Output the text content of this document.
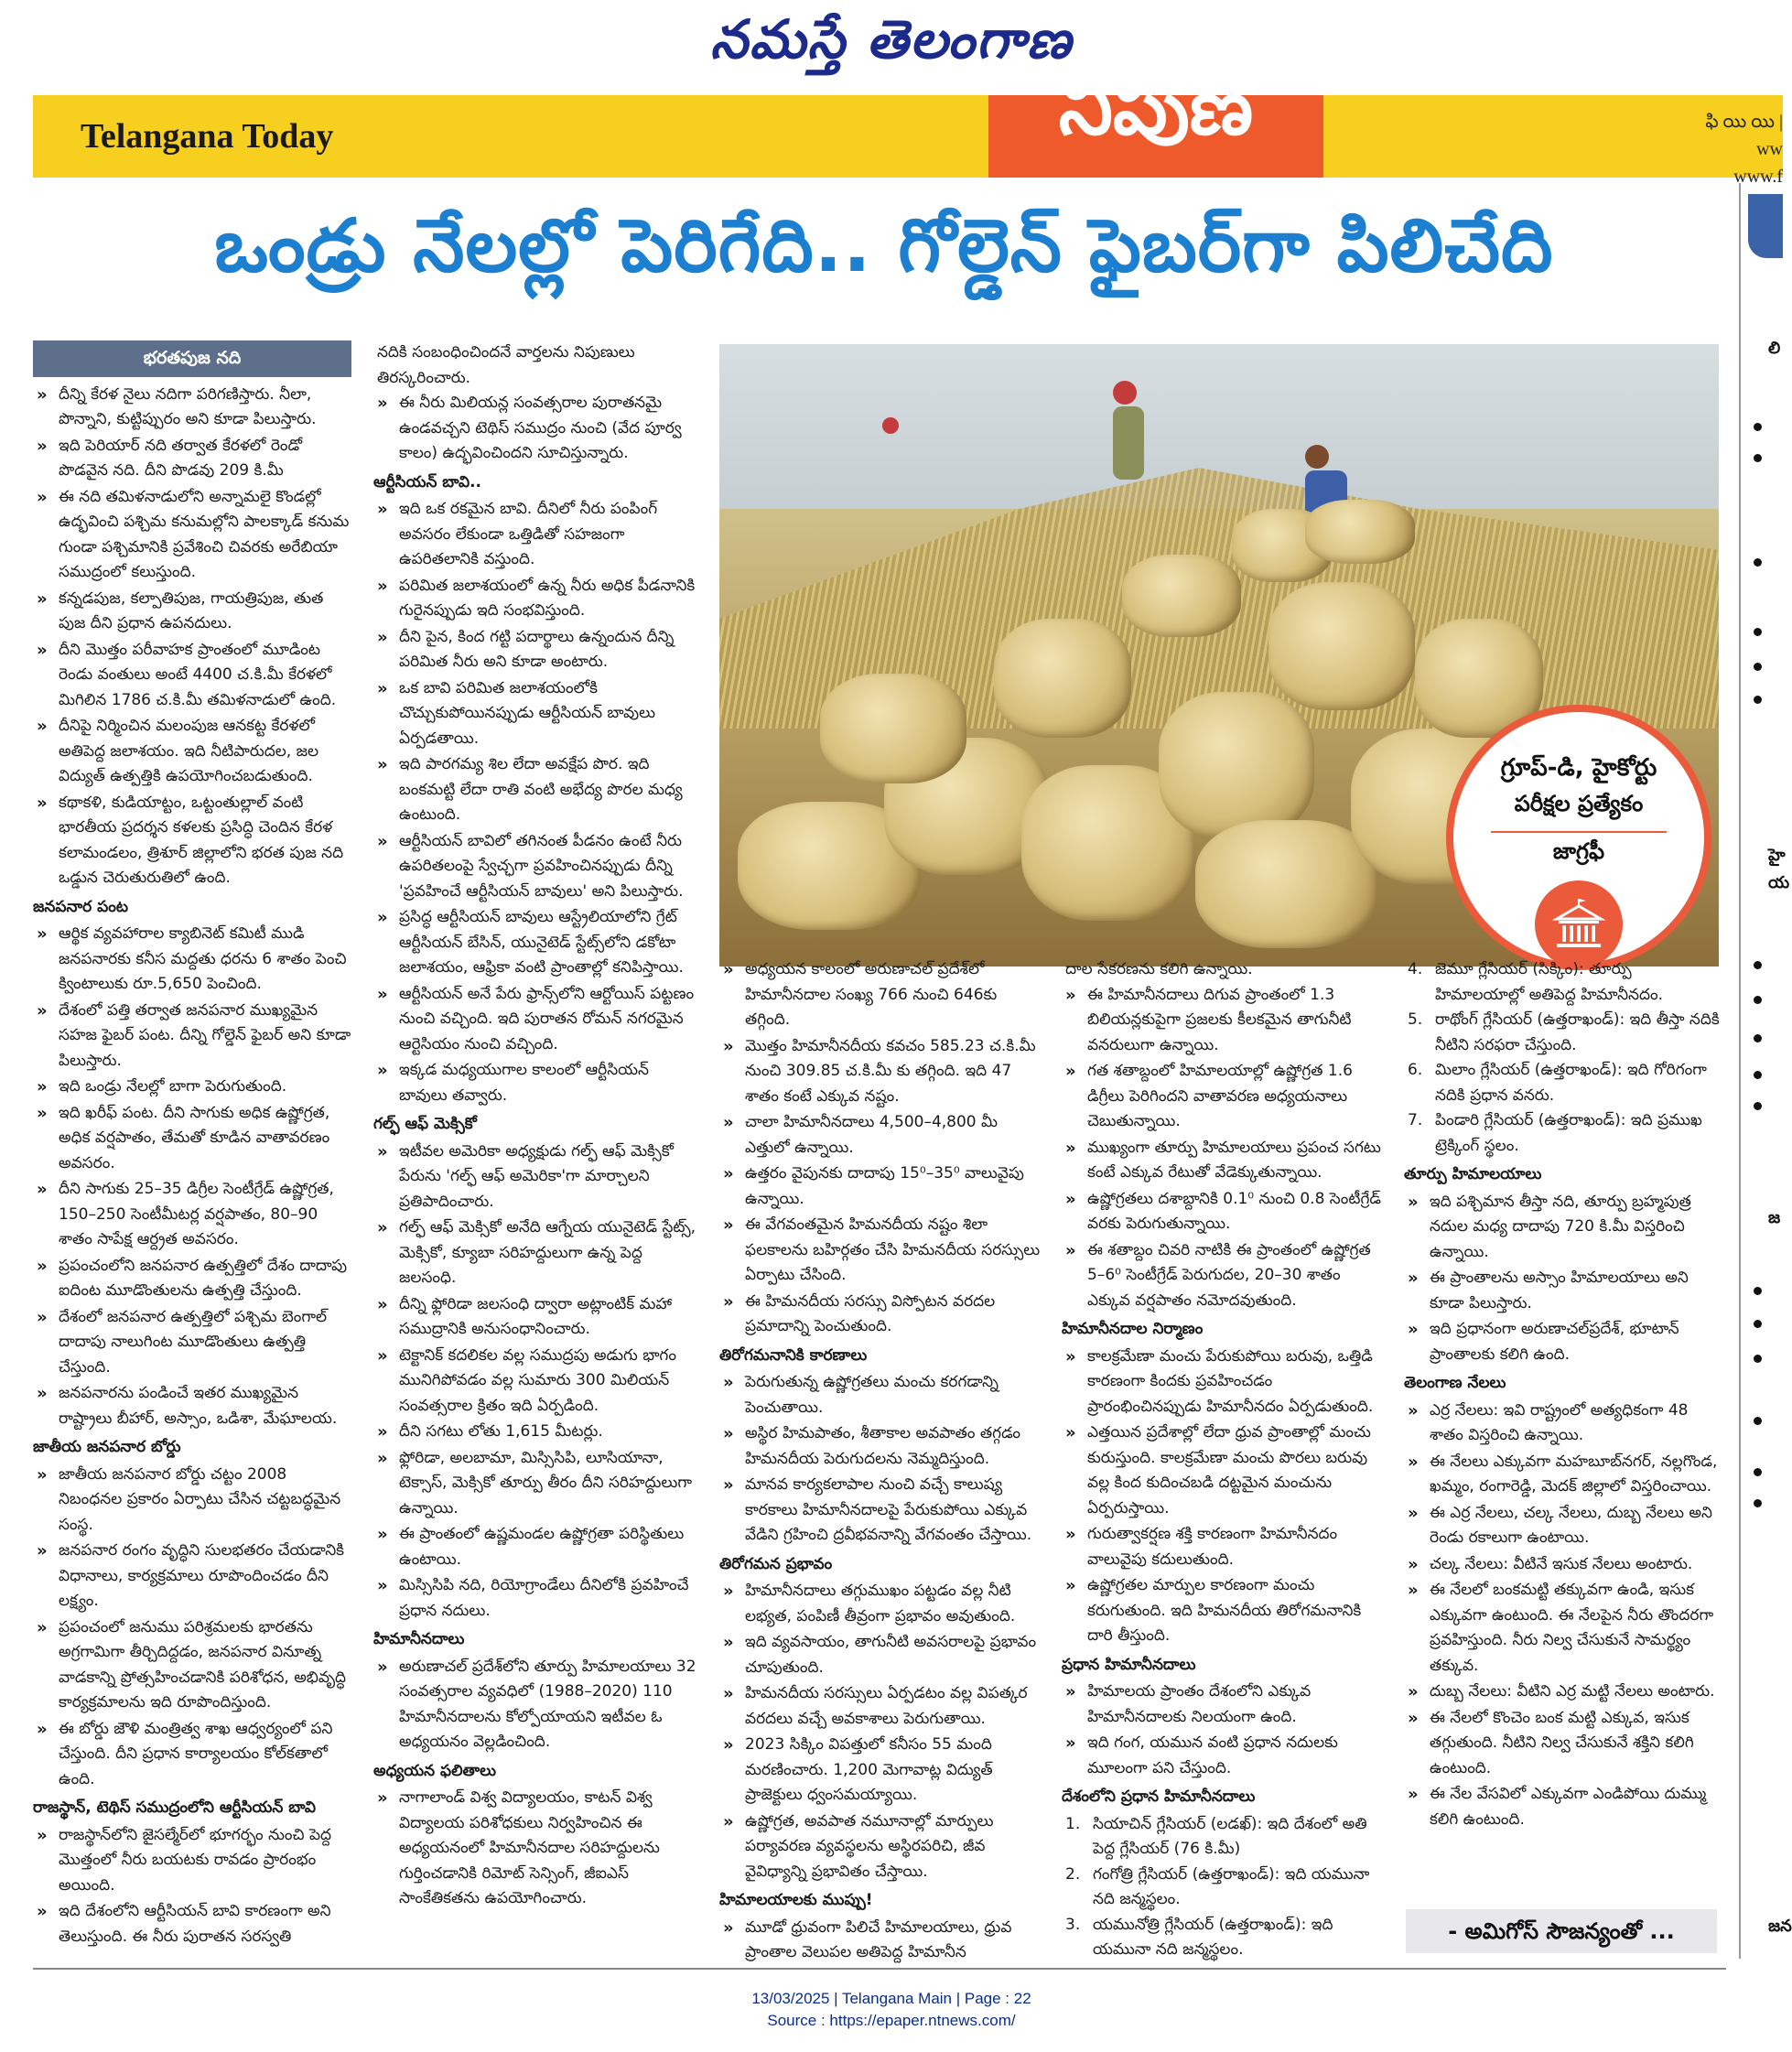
నమస్తే తెలంగాణ
Telangana Today	నిపుణ	ఫి యి యి |
ww
www.f
ఒండ్రు నేలల్లో పెరిగేది.. గోల్డెన్ ఫైబర్‌గా పిలిచేది
భరతపుజ నది
» దీన్ని కేరళ నైలు నదిగా పరిగణిస్తారు. నీలా, పొన్నాని, కుట్టిప్పురం అని కూడా పిలుస్తారు.
» ఇది పెరియార్ నది తర్వాత కేరళలో రెండో పొడవైన నది. దీని పొడవు 209 కి.మీ
» ఈ నది తమిళనాడులోని అన్నామలై కొండల్లో ఉద్భవించి పశ్చిమ కనుమల్లోని పాలక్కాడ్ కనుమ గుండా పశ్చిమానికి ప్రవేశించి చివరకు అరేబియా సముద్రంలో కలుస్తుంది.
» కన్నడపుజ, కల్పాతిపుజ, గాయత్రిపుజ, తుత పుజ దీని ప్రధాన ఉపనదులు.
» దీని మొత్తం పరీవాహక ప్రాంతంలో మూడింట రెండు వంతులు అంటే 4400 చ.కి.మీ కేరళలో మిగిలిన 1786 చ.కి.మీ తమిళనాడులో ఉంది.
» దీనిపై నిర్మించిన మలంపుజ ఆనకట్ట కేరళలో అతిపెద్ద జలాశయం. ఇది నీటిపారుదల, జల విద్యుత్ ఉత్పత్తికి ఉపయోగించబడుతుంది.
» కథాకళి, కుడియాట్టం, ఒట్టంతుల్లాల్ వంటి భారతీయ ప్రదర్శన కళలకు ప్రసిద్ధి చెందిన కేరళ కలామండలం, త్రిశూర్ జిల్లాలోని భరత పుజ నది ఒడ్డున చెరుతురుతిలో ఉంది.
జనపనార పంట
» ఆర్థిక వ్యవహారాల క్యాబినెట్ కమిటీ ముడి జనపనారకు కనీస మద్దతు ధరను 6 శాతం పెంచి క్వింటాలుకు రూ.5,650 పెంచింది.
» దేశంలో పత్తి తర్వాత జనపనార ముఖ్యమైన సహజ ఫైబర్ పంట. దీన్ని గోల్డెన్ ఫైబర్ అని కూడా పిలుస్తారు.
» ఇది ఒండ్రు నేలల్లో బాగా పెరుగుతుంది.
» ఇది ఖరీఫ్ పంట. దీని సాగుకు అధిక ఉష్ణోగ్రత, అధిక వర్షపాతం, తేమతో కూడిన వాతావరణం అవసరం.
» దీని సాగుకు 25–35 డిగ్రీల సెంటీగ్రేడ్ ఉష్ణోగ్రత, 150–250 సెంటీమీటర్ల వర్షపాతం, 80–90 శాతం సాపేక్ష ఆర్ద్రత అవసరం.
» ప్రపంచంలోని జనపనార ఉత్పత్తిలో దేశం దాదాపు ఐదింట మూడొంతులను ఉత్పత్తి చేస్తుంది.
» దేశంలో జనపనార ఉత్పత్తిలో పశ్చిమ బెంగాల్ దాదాపు నాలుగింట మూడొంతులు ఉత్పత్తి చేస్తుంది.
» జనపనారను పండించే ఇతర ముఖ్యమైన రాష్ట్రాలు బీహార్, అస్సాం, ఒడిశా, మేఘాలయ.
జాతీయ జనపనార బోర్డు
» జాతీయ జనపనార బోర్డు చట్టం 2008 నిబంధనల ప్రకారం ఏర్పాటు చేసిన చట్టబద్ధమైన సంస్థ.
» జనపనార రంగం వృద్ధిని సులభతరం చేయడానికి విధానాలు, కార్యక్రమాలు రూపొందించడం దీని లక్ష్యం.
» ప్రపంచంలో జనుము పరిశ్రమలకు భారతను అగ్రగామిగా తీర్చిదిద్దడం, జనపనార వినూత్న వాడకాన్ని ప్రోత్సహించడానికి పరిశోధన, అభివృద్ధి కార్యక్రమాలను ఇది రూపొందిస్తుంది.
» ఈ బోర్డు జౌళి మంత్రిత్వ శాఖ ఆధ్వర్యంలో పని చేస్తుంది. దీని ప్రధాన కార్యాలయం కోల్‌కతాలో ఉంది.
రాజస్థాన్, టెథిస్ సముద్రంలోని ఆర్టీసియన్ బావి
» రాజస్థాన్‌లోని జైసల్మేర్‌లో భూగర్భం నుంచి పెద్ద మొత్తంలో నీరు బయటకు రావడం ప్రారంభం అయింది.
» ఇది దేశంలోని ఆర్టీసియన్ బావి కారణంగా అని తెలుస్తుంది. ఈ నీరు పురాతన సరస్వతి
నదికి సంబంధించిందనే వార్తలను నిపుణులు తిరస్కరించారు.
» ఈ నీరు మిలియన్ల సంవత్సరాల పురాతనమై ఉండవచ్చని టెథిస్ సముద్రం నుంచి (వేద పూర్వ కాలం) ఉద్భవించిందని సూచిస్తున్నారు.
ఆర్టీసియన్ బావి..
» ఇది ఒక రకమైన బావి. దీనిలో నీరు పంపింగ్ అవసరం లేకుండా ఒత్తిడితో సహజంగా ఉపరితలానికి వస్తుంది.
» పరిమిత జలాశయంలో ఉన్న నీరు అధిక పీడనానికి గురైనప్పుడు ఇది సంభవిస్తుంది.
» దీని పైన, కింద గట్టి పదార్థాలు ఉన్నందున దీన్ని పరిమిత నీరు అని కూడా అంటారు.
» ఒక బావి పరిమిత జలాశయంలోకి చొచ్చుకుపోయినప్పుడు ఆర్టీసియన్ బావులు ఏర్పడతాయి.
» ఇది పారగమ్య శిల లేదా అవక్షేప పొర. ఇది బంకమట్టి లేదా రాతి వంటి అభేద్య పొరల మధ్య ఉంటుంది.
» ఆర్టీసియన్ బావిలో తగినంత పీడనం ఉంటే నీరు ఉపరితలంపై స్వేచ్ఛగా ప్రవహించినప్పుడు దీన్ని 'ప్రవహించే ఆర్టీసియన్ బావులు' అని పిలుస్తారు.
» ప్రసిద్ధ ఆర్టీసియన్ బావులు ఆస్ట్రేలియాలోని గ్రేట్ ఆర్టీసియన్ బేసిన్, యునైటెడ్ స్టేట్స్‌లోని డకోటా జలాశయం, ఆఫ్రికా వంటి ప్రాంతాల్లో కనిపిస్తాయి.
» ఆర్టీసియన్ అనే పేరు ఫ్రాన్స్‌లోని ఆర్టోయిస్ పట్టణం నుంచి వచ్చింది. ఇది పురాతన రోమన్ నగరమైన ఆర్టెసియం నుంచి వచ్చింది.
» ఇక్కడ మధ్యయుగాల కాలంలో ఆర్టీసియన్ బావులు తవ్వారు.
గల్ఫ్ ఆఫ్ మెక్సికో
» ఇటీవల అమెరికా అధ్యక్షుడు గల్ఫ్ ఆఫ్ మెక్సికో పేరును 'గల్ఫ్ ఆఫ్ అమెరికా'గా మార్చాలని ప్రతిపాదించారు.
» గల్ఫ్ ఆఫ్ మెక్సికో అనేది ఆగ్నేయ యునైటెడ్ స్టేట్స్, మెక్సికో, క్యూబా సరిహద్దులుగా ఉన్న పెద్ద జలసంధి.
» దీన్ని ఫ్లోరిడా జలసంధి ద్వారా అట్లాంటిక్ మహా సముద్రానికి అనుసంధానించారు.
» టెక్టానిక్ కదలికల వల్ల సముద్రపు అడుగు భాగం మునిగిపోవడం వల్ల సుమారు 300 మిలియన్ సంవత్సరాల క్రితం ఇది ఏర్పడింది.
» దీని సగటు లోతు 1,615 మీటర్లు.
» ఫ్లోరిడా, అలబామా, మిస్సిసిపి, లూసియానా, టెక్సాస్, మెక్సికో తూర్పు తీరం దీని సరిహద్దులుగా ఉన్నాయి.
» ఈ ప్రాంతంలో ఉష్ణమండల ఉష్ణోగ్రతా పరిస్థితులు ఉంటాయి.
» మిస్సిసిపి నది, రియోగ్రాండేలు దీనిలోకి ప్రవహించే ప్రధాన నదులు.
హిమానీనదాలు
» అరుణాచల్ ప్రదేశ్‌లోని తూర్పు హిమాలయాలు 32 సంవత్సరాల వ్యవధిలో (1988–2020) 110 హిమానీనదాలను కోల్పోయాయని ఇటీవల ఓ అధ్యయనం వెల్లడించింది.
అధ్యయన ఫలితాలు
» నాగాలాండ్ విశ్వ విద్యాలయం, కాటన్ విశ్వ విద్యాలయ పరిశోధకులు నిర్వహించిన ఈ అధ్యయనంలో హిమానీనదాల సరిహద్దులను గుర్తించడానికి రిమోట్ సెన్సింగ్, జీఐఎస్ సాంకేతికతను ఉపయోగించారు.
గ్రూప్-డి, హైకోర్టు
పరీక్షల ప్రత్యేకం
జాగ్రఫీ
» అధ్యయన కాలంలో అరుణాచల్ ప్రదేశ్‌లో హిమానీనదాల సంఖ్య 766 నుంచి 646కు తగ్గింది.
» మొత్తం హిమానీనదీయ కవచం 585.23 చ.కి.మీ నుంచి 309.85 చ.కి.మీ కు తగ్గింది. ఇది 47 శాతం కంటే ఎక్కువ నష్టం.
» చాలా హిమానీనదాలు 4,500–4,800 మీ ఎత్తులో ఉన్నాయి.
» ఉత్తరం వైపునకు దాదాపు 15⁰–35⁰ వాలువైపు ఉన్నాయి.
» ఈ వేగవంతమైన హిమనదీయ నష్టం శిలా ఫలకాలను బహిర్గతం చేసి హిమనదీయ సరస్సులు ఏర్పాటు చేసింది.
» ఈ హిమనదీయ సరస్సు విస్పోటన వరదల ప్రమాదాన్ని పెంచుతుంది.
తిరోగమనానికి కారణాలు
» పెరుగుతున్న ఉష్ణోగ్రతలు మంచు కరగడాన్ని పెంచుతాయి.
» అస్థిర హిమపాతం, శీతాకాల అవపాతం తగ్గడం హిమనదీయ పెరుగుదలను నెమ్మదిస్తుంది.
» మానవ కార్యకలాపాల నుంచి వచ్చే కాలుష్య కారకాలు హిమానీనదాలపై పేరుకుపోయి ఎక్కువ వేడిని గ్రహించి ద్రవీభవనాన్ని వేగవంతం చేస్తాయి.
తిరోగమన ప్రభావం
» హిమానీనదాలు తగ్గుముఖం పట్టడం వల్ల నీటి లభ్యత, పంపిణీ తీవ్రంగా ప్రభావం అవుతుంది.
» ఇది వ్యవసాయం, తాగునీటి అవసరాలపై ప్రభావం చూపుతుంది.
» హిమనదీయ సరస్సులు ఏర్పడటం వల్ల విపత్కర వరదలు వచ్చే అవకాశాలు పెరుగుతాయి.
» 2023 సిక్కిం విపత్తులో కనీసం 55 మంది మరణించారు. 1,200 మెగావాట్ల విద్యుత్ ప్రాజెక్టులు ధ్వంసమయ్యాయి.
» ఉష్ణోగ్రత, అవపాత నమూనాల్లో మార్పులు పర్యావరణ వ్యవస్థలను అస్థిరపరిచి, జీవ వైవిధ్యాన్ని ప్రభావితం చేస్తాయి.
హిమాలయాలకు ముప్పు!
» మూడో ధ్రువంగా పిలిచే హిమాలయాలు, ధ్రువ ప్రాంతాల వెలుపల అతిపెద్ద హిమానీన
దాల సేకరణను కలిగి ఉన్నాయి.
» ఈ హిమానీనదాలు దిగువ ప్రాంతంలో 1.3 బిలియన్లకుపైగా ప్రజలకు కీలకమైన తాగునీటి వనరులుగా ఉన్నాయి.
» గత శతాబ్దంలో హిమాలయాల్లో ఉష్ణోగ్రత 1.6 డిగ్రీలు పెరిగిందని వాతావరణ అధ్యయనాలు చెబుతున్నాయి.
» ముఖ్యంగా తూర్పు హిమాలయాలు ప్రపంచ సగటు కంటే ఎక్కువ రేటుతో వేడెక్కుతున్నాయి.
» ఉష్ణోగ్రతలు దశాబ్దానికి 0.1⁰ నుంచి 0.8 సెంటీగ్రేడ్ వరకు పెరుగుతున్నాయి.
» ఈ శతాబ్దం చివరి నాటికి ఈ ప్రాంతంలో ఉష్ణోగ్రత 5–6⁰ సెంటీగ్రేడ్ పెరుగుదల, 20–30 శాతం ఎక్కువ వర్షపాతం నమోదవుతుంది.
హిమానీనదాల నిర్మాణం
» కాలక్రమేణా మంచు పేరుకుపోయి బరువు, ఒత్తిడి కారణంగా కిందకు ప్రవహించడం ప్రారంభించినప్పుడు హిమానీనదం ఏర్పడుతుంది.
» ఎత్తయిన ప్రదేశాల్లో లేదా ధ్రువ ప్రాంతాల్లో మంచు కురుస్తుంది. కాలక్రమేణా మంచు పొరలు బరువు వల్ల కింద కుదించబడి దట్టమైన మంచును ఏర్పరుస్తాయి.
» గురుత్వాకర్షణ శక్తి కారణంగా హిమానీనదం వాలువైపు కదులుతుంది.
» ఉష్ణోగ్రతల మార్పుల కారణంగా మంచు కరుగుతుంది. ఇది హిమనదీయ తిరోగమనానికి దారి తీస్తుంది.
ప్రధాన హిమానీనదాలు
» హిమాలయ ప్రాంతం దేశంలోని ఎక్కువ హిమానీనదాలకు నిలయంగా ఉంది.
» ఇది గంగ, యమున వంటి ప్రధాన నదులకు మూలంగా పని చేస్తుంది.
దేశంలోని ప్రధాన హిమానీనదాలు
1. సియాచిన్ గ్లేసియర్ (లడఖ్): ఇది దేశంలో అతి పెద్ద గ్లేసియర్ (76 కి.మీ)
2. గంగోత్రి గ్లేసియర్ (ఉత్తరాఖండ్): ఇది యమునా నది జన్మస్థలం.
3. యమునోత్రి గ్లేసియర్ (ఉత్తరాఖండ్): ఇది యమునా నది జన్మస్థలం.
4. జెమూ గ్లేసియర్ (సిక్కిం): తూర్పు హిమాలయాల్లో అతిపెద్ద హిమానీనదం.
5. రాథోంగ్ గ్లేసియర్ (ఉత్తరాఖండ్): ఇది తీస్తా నదికి నీటిని సరఫరా చేస్తుంది.
6. మిలాం గ్లేసియర్ (ఉత్తరాఖండ్): ఇది గోరిగంగా నదికి ప్రధాన వనరు.
7. పిండారి గ్లేసియర్ (ఉత్తరాఖండ్): ఇది ప్రముఖ ట్రెక్కింగ్ స్థలం.
తూర్పు హిమాలయాలు
» ఇది పశ్చిమాన తీస్తా నది, తూర్పు బ్రహ్మపుత్ర నదుల మధ్య దాదాపు 720 కి.మీ విస్తరించి ఉన్నాయి.
» ఈ ప్రాంతాలను అస్సాం హిమాలయాలు అని కూడా పిలుస్తారు.
» ఇది ప్రధానంగా అరుణాచల్‌ప్రదేశ్, భూటాన్ ప్రాంతాలకు కలిగి ఉంది.
తెలంగాణ నేలలు
» ఎర్ర నేలలు: ఇవి రాష్ట్రంలో అత్యధికంగా 48 శాతం విస్తరించి ఉన్నాయి.
» ఈ నేలలు ఎక్కువగా మహబూబ్‌నగర్, నల్లగొండ, ఖమ్మం, రంగారెడ్డి, మెదక్ జిల్లాలో విస్తరించాయి.
» ఈ ఎర్ర నేలలు, చల్క నేలలు, దుబ్బ నేలలు అని రెండు రకాలుగా ఉంటాయి.
» చల్క నేలలు: వీటినే ఇసుక నేలలు అంటారు.
» ఈ నేలలో బంకమట్టి తక్కువగా ఉండి, ఇసుక ఎక్కువగా ఉంటుంది. ఈ నేలపైన నీరు తొందరగా ప్రవహిస్తుంది. నీరు నిల్వ చేసుకునే సామర్థ్యం తక్కువ.
» దుబ్బ నేలలు: వీటిని ఎర్ర మట్టి నేలలు అంటారు.
» ఈ నేలలో కొంచెం బంక మట్టి ఎక్కువ, ఇసుక తగ్గుతుంది. నీటిని నిల్వ చేసుకునే శక్తిని కలిగి ఉంటుంది.
» ఈ నేల వేసవిలో ఎక్కువగా ఎండిపోయి దుమ్ము కలిగి ఉంటుంది.
- అమిగోస్ సౌజన్యంతో ...
లి
హై
య
జ
జన
13/03/2025 | Telangana Main | Page : 22
Source : https://epaper.ntnews.com/
